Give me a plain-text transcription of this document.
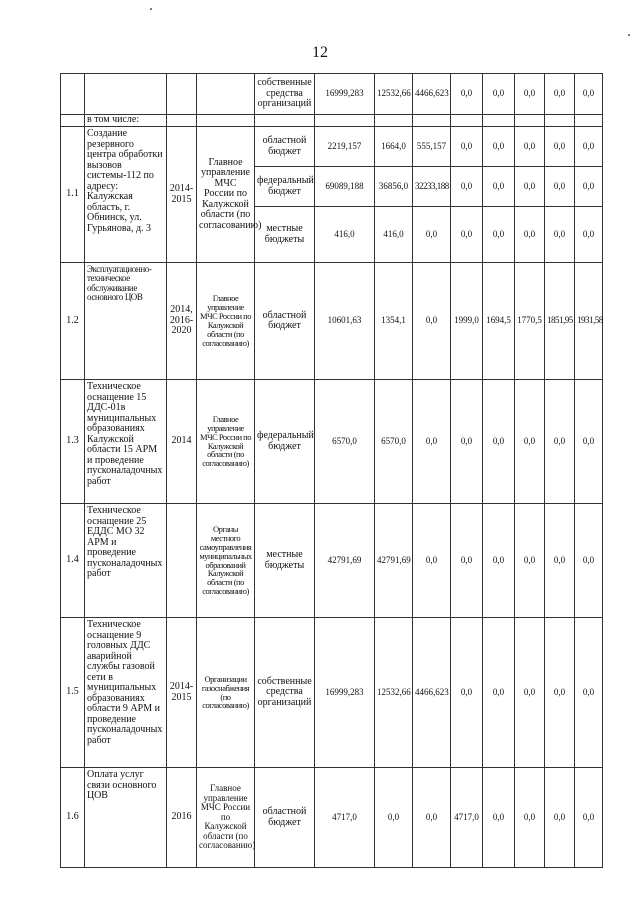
12
				собственные средства организаций	16999,283	12532,66	4466,623	0,0	0,0	0,0	0,0	0,0
	в том числе:											
1.1	Создание резервного центра обработки вызовов системы-112 по адресу: Калужская область, г. Обнинск, ул. Гурьянова, д. 3	2014-2015	Главное управление МЧС России по Калужской области (по согласованию)	областной бюджет	2219,157	1664,0	555,157	0,0	0,0	0,0	0,0	0,0
				федеральный бюджет	69089,188	36856,0	32233,188	0,0	0,0	0,0	0,0	0,0
				местные бюджеты	416,0	416,0	0,0	0,0	0,0	0,0	0,0	0,0
1.2	Эксплуатационно-техническое обслуживание основного ЦОВ	2014, 2016-2020	Главное управление МЧС России по Калужской области (по согласованию)	областной бюджет	10601,63	1354,1	0,0	1999,0	1694,5	1770,5	1851,95	1931,58
1.3	Техническое оснащение 15 ДДС-01в муниципальных образованиях Калужской области 15 АРМ и проведение пусконаладочных работ	2014	Главное управление МЧС России по Калужской области (по согласованию)	федеральный бюджет	6570,0	6570,0	0,0	0,0	0,0	0,0	0,0	0,0
1.4	Техническое оснащение 25 ЕДДС МО 32 АРМ и проведение пусконаладочных работ		Органы местного самоуправления муниципальных образований Калужской области (по согласованию)	местные бюджеты	42791,69	42791,69	0,0	0,0	0,0	0,0	0,0	0,0
1.5	Техническое оснащение 9 головных ДДС аварийной службы газовой сети в муниципальных образованиях области 9 АРМ и проведение пусконаладочных работ	2014-2015	Организации газоснабжения (по согласованию)	собственные средства организаций	16999,283	12532,66	4466,623	0,0	0,0	0,0	0,0	0,0
1.6	Оплата услуг связи основного ЦОВ	2016	Главное управление МЧС России по Калужской области (по согласованию)	областной бюджет	4717,0	0,0	0,0	4717,0	0,0	0,0	0,0	0,0
